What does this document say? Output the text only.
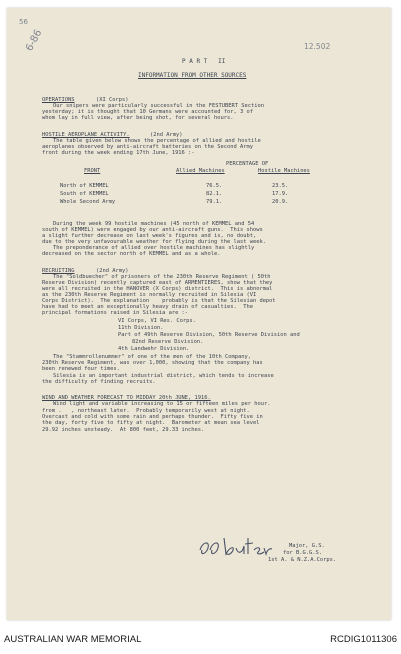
56
6-86	12.502
P A R T   II
INFORMATION FROM OTHER SOURCES
OPERATIONS	(XI Corps)
Our snipers were particularly successful in the FESTUBERT Section
yesterday; it is thought that 10 Germans were accounted for, 3 of
whom lay in full view, after being shot, for several hours.
HOSTILE AEROPLANE ACTIVITY.	(2nd Army)
The table given below shows the percentage of allied and hostile
aeroplanes observed by anti-aircraft batteries on the Second Army
front during the week ending 17th June, 1916 :-
PERCENTAGE OF
FRONT	Allied Machines	Hostile Machines
North of KEMMEL	76.5.	23.5.
South of KEMMEL	82.1.	17.9.
Whole Second Army	79.1.	20.9.
During the week 99 hostile machines (45 north of KEMMEL and 54
south of KEMMEL) were engaged by our anti-aircraft guns.  This shows
a slight further decrease on last week's figures and is, no doubt,
due to the very unfavourable weather for flying during the last week.
The preponderance of allied over hostile machines has slightly
decreased on the sector north of KEMMEL and as a whole.
RECRUITING	(2nd Army)
The "Soldbuecher" of prisoners of the 230th Reserve Regiment ( 50th
Reserve Division) recently captured east of ARMENTIERES, show that they
were all recruited in the HANOVER (X Corps) district.  This is abnormal
as the 230th Reserve Regiment is normally recruited in Silesia (VI
Corps District).  The explanation    probably is that the Silesian depot
have had to meet an exceptionally heavy drain of casualties.  The
principal formations raised in Silesia are :-
VI Corps, VI Res. Corps.
11th Division.
Part of 49th Reserve Division, 50th Reserve Division and
82nd Reserve Division.
4th Landwehr Division.
The "Stammrollenummer" of one of the men of the 10th Company,
230th Reserve Regiment, was over 1,000, showing that the company has
been renewed four times.
Silesia is an important industrial district, which tends to increase
the difficulty of finding recruits.
WIND AND WEATHER FORECAST TO MIDDAY 20th JUNE, 1916.
Wind light and variable increasing to 15 or fifteen miles per hour.
from .   , northeast later.  Probably temporarily west at night.
Overcast and cold with some rain and perhaps thunder.  Fifty five in
the day, forty five to fifty at night.  Barometer at mean sea level
29.92 inches unsteady.  At 800 feet, 29.33 inches.
Major, G.S.
for B.G.G.S.
1st A. & N.Z.A.Corps.
AUSTRALIAN WAR MEMORIAL	RCDIG1011306
